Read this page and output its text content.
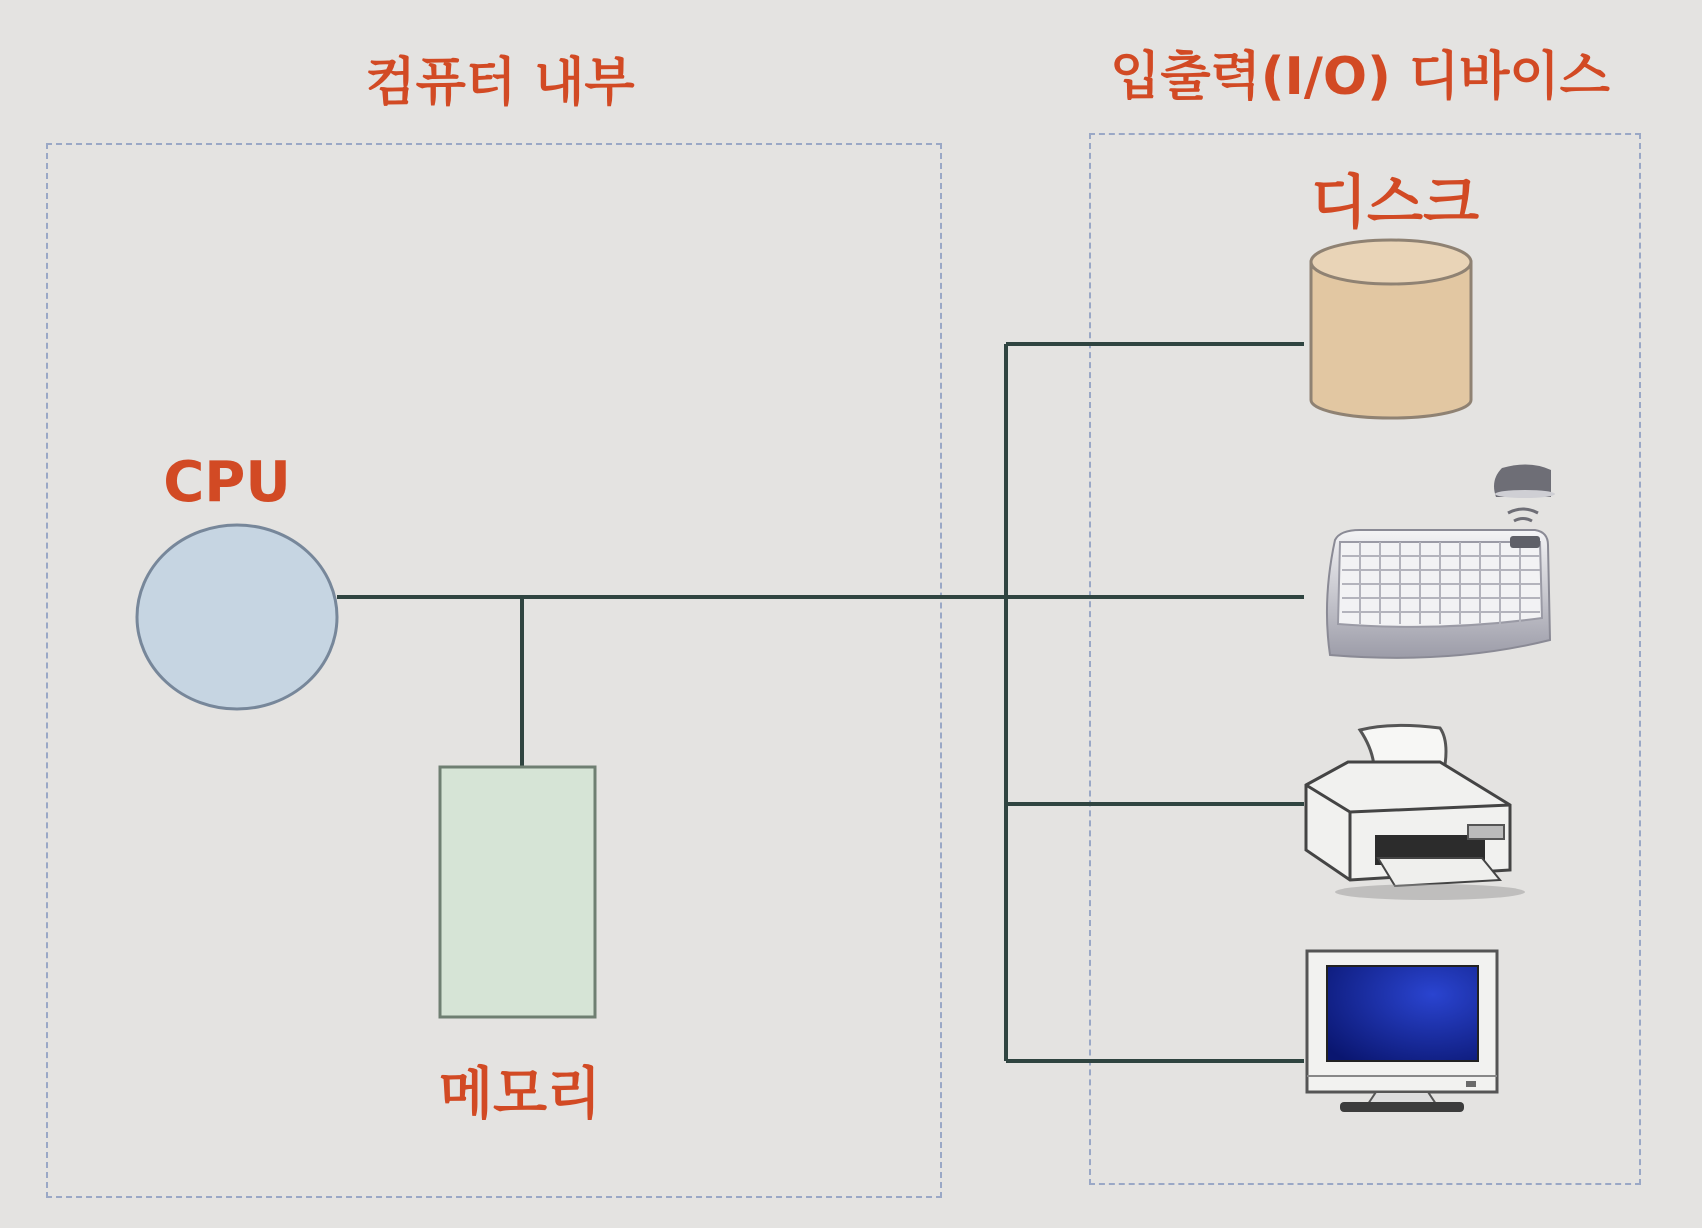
컴퓨터 내부	입출력(I/O) 디바이스
CPU
메모리
디스크
